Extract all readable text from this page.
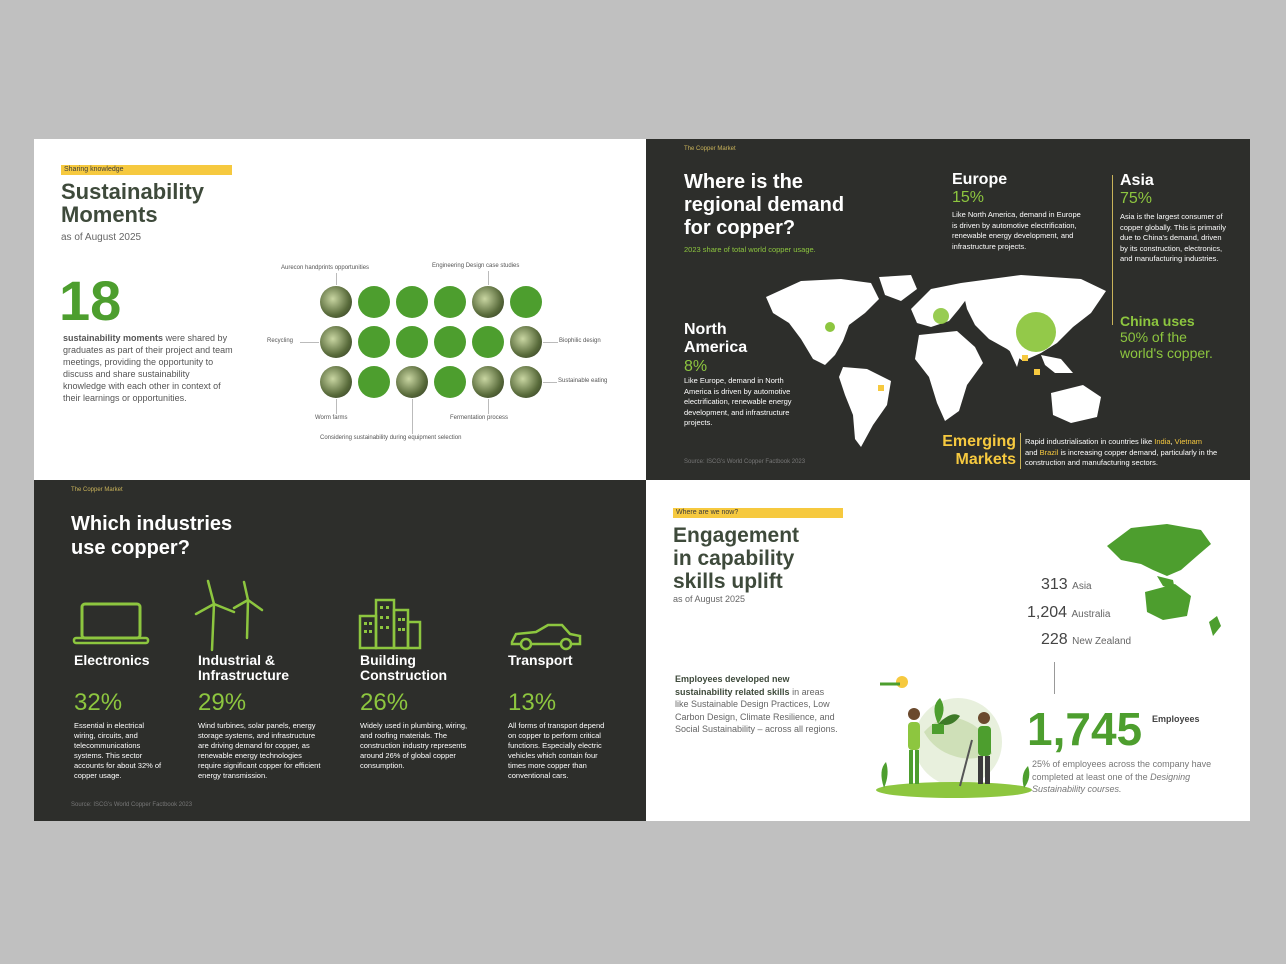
Sharing knowledge
Sustainability
Moments
as of August 2025
18
sustainability moments were shared by graduates as part of their project and team meetings, providing the opportunity to discuss and share sustainability knowledge with each other in context of their learnings or opportunities.
Aurecon handprints opportunities	Engineering Design case studies
Recycling	Biophilic design
Sustainable eating
Worm farms	Fermentation process
Considering sustainability during equipment selection
The Copper Market
Where is the
regional demand
for copper?
2023 share of total world copper usage.
Europe
15%
Like North America, demand in Europe is driven by automotive electrification, renewable energy development, and infrastructure projects.
Asia
75%
Asia is the largest consumer of copper globally. This is primarily due to China's demand, driven by its construction, electronics, and manufacturing industries.
China uses
50% of the
world's copper.
North
America
8%
Like Europe, demand in North America is driven by automotive electrification, renewable energy development, and infrastructure projects.
Emerging
Markets
Rapid industrialisation in countries like India, Vietnam
and Brazil is increasing copper demand, particularly in the construction and manufacturing sectors.
Source: ISCG's World Copper Factbook 2023
The Copper Market
Which industries
use copper?
Electronics
32%
Essential in electrical wiring, circuits, and telecommunications systems. This sector accounts for about 32% of copper usage.
Industrial &
Infrastructure
29%
Wind turbines, solar panels, energy storage systems, and infrastructure are driving demand for copper, as renewable energy technologies require significant copper for efficient energy transmission.
Building
Construction
26%
Widely used in plumbing, wiring, and roofing materials. The construction industry represents around 26% of global copper consumption.
Transport
13%
All forms of transport depend on copper to perform critical functions. Especially electric vehicles which contain four times more copper than conventional cars.
Source: ISCG's World Copper Factbook 2023
Where are we now?
Engagement
in capability
skills uplift
as of August 2025
Employees developed new
sustainability related skills in areas like Sustainable Design Practices, Low Carbon Design, Climate Resilience, and Social Sustainability – across all regions.
313 Asia
1,204 Australia
228 New Zealand
1,745 Employees
25% of employees across the company have completed at least one of the Designing Sustainability courses.
